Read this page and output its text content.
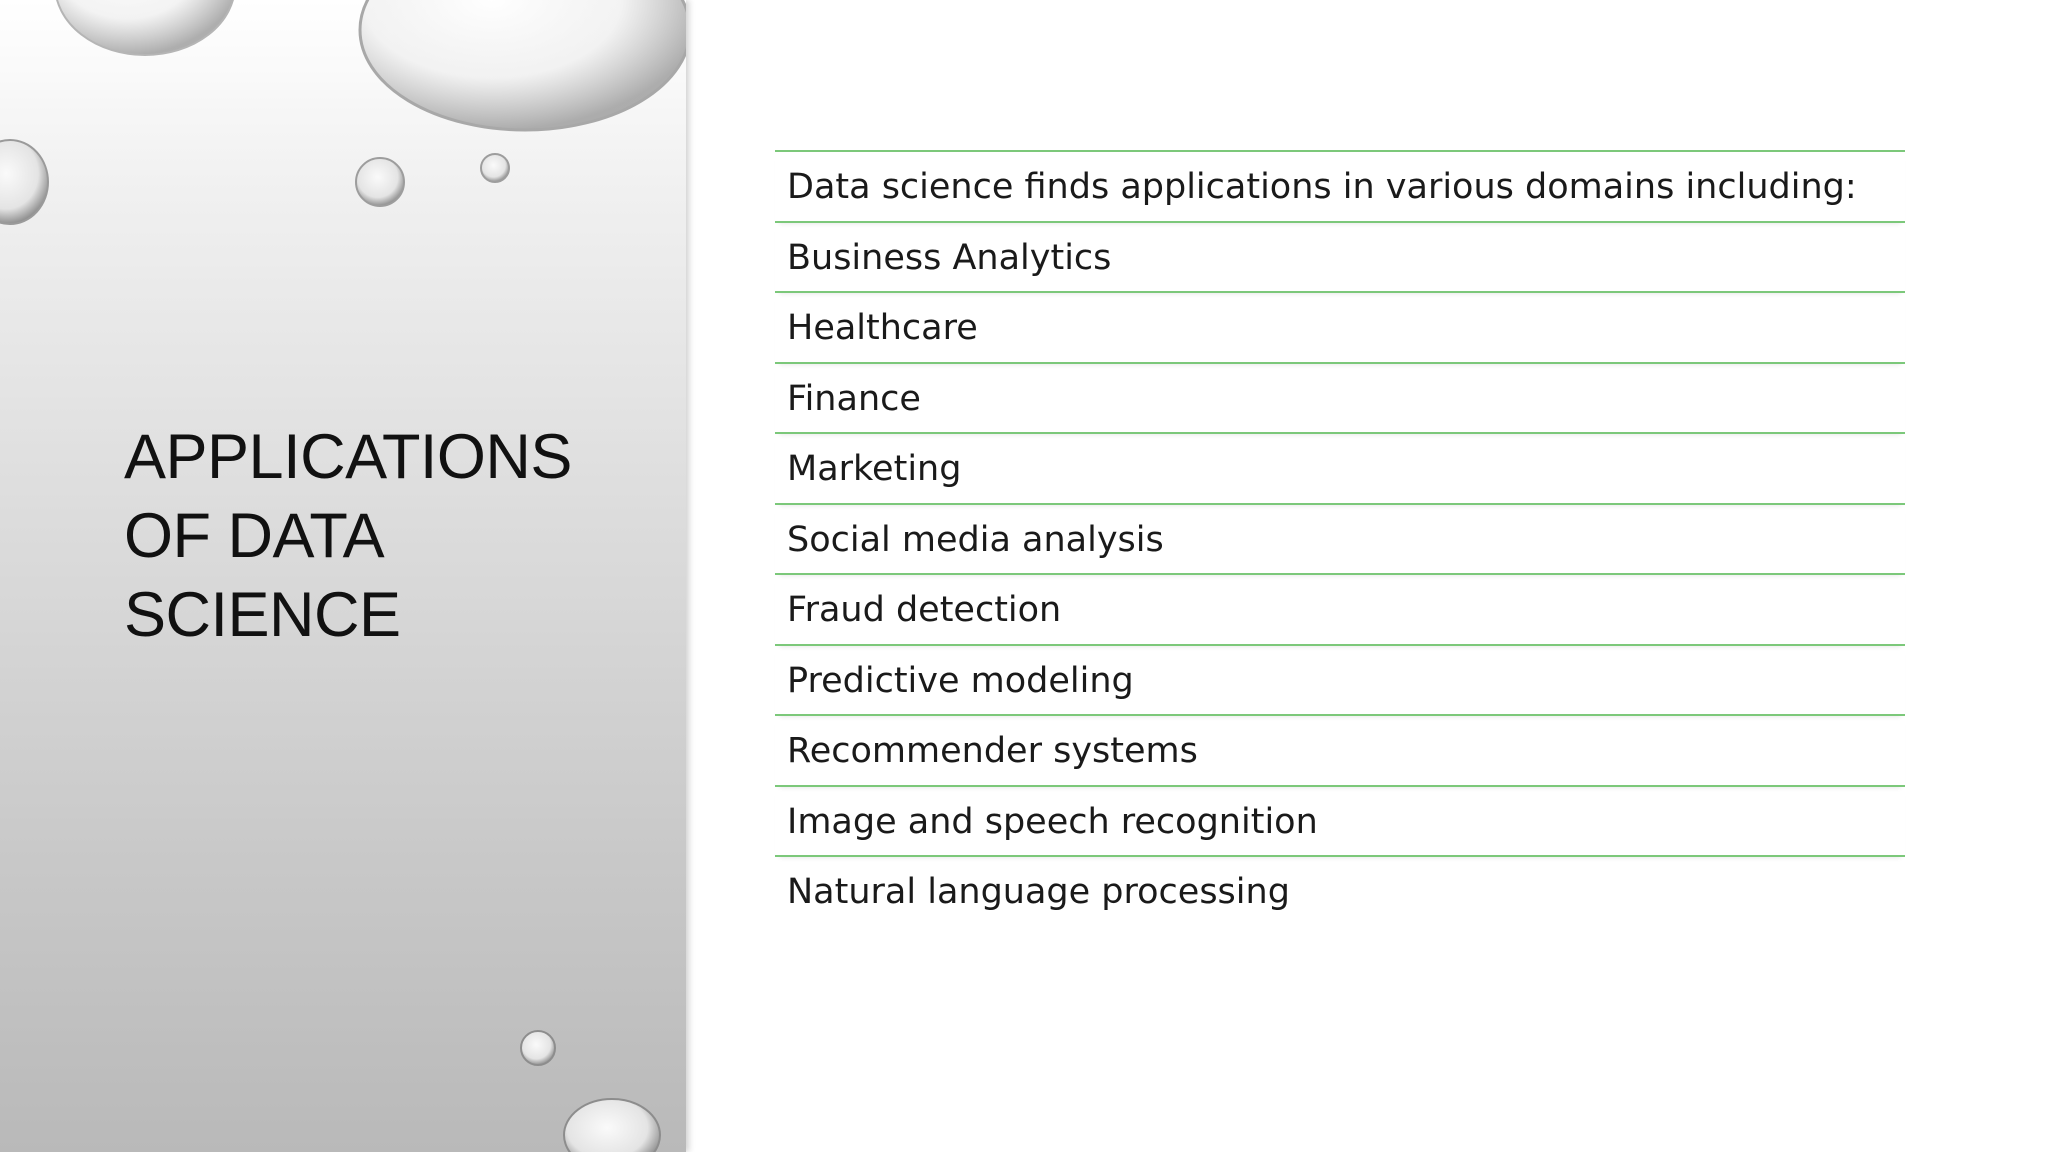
APPLICATIONS
OF DATA
SCIENCE
Data science finds applications in various domains including:
Business Analytics
Healthcare
Finance
Marketing
Social media analysis
Fraud detection
Predictive modeling
Recommender systems
Image and speech recognition
Natural language processing
